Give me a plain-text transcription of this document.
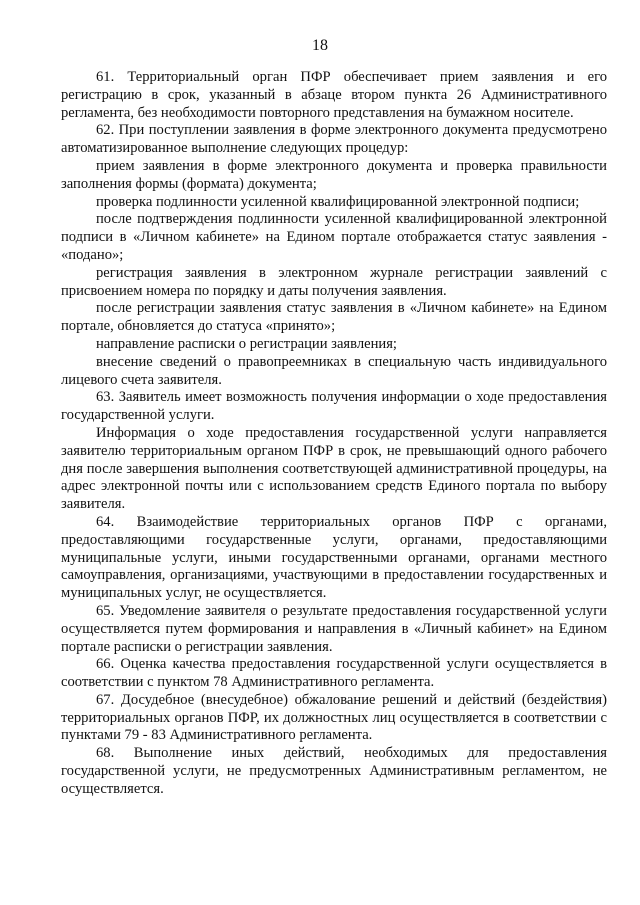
18

61. Территориальный орган ПФР обеспечивает прием заявления и его регистрацию в срок, указанный в абзаце втором пункта 26 Административного регламента, без необходимости повторного представления на бумажном носителе.

62. При поступлении заявления в форме электронного документа предусмотрено автоматизированное выполнение следующих процедур:

прием заявления в форме электронного документа и проверка правильности заполнения формы (формата) документа;

проверка подлинности усиленной квалифицированной электронной подписи;

после подтверждения подлинности усиленной квалифицированной электронной подписи в «Личном кабинете» на Едином портале отображается статус заявления - «подано»;

регистрация заявления в электронном журнале регистрации заявлений с присвоением номера по порядку и даты получения заявления.

после регистрации заявления статус заявления в «Личном кабинете» на Едином портале, обновляется до статуса «принято»;

направление расписки о регистрации заявления;

внесение сведений о правопреемниках в специальную часть индивидуального лицевого счета заявителя.

63. Заявитель имеет возможность получения информации о ходе предоставления государственной услуги.

Информация о ходе предоставления государственной услуги направляется заявителю территориальным органом ПФР в срок, не превышающий одного рабочего дня после завершения выполнения соответствующей административной процедуры, на адрес электронной почты или с использованием средств Единого портала по выбору заявителя.

64. Взаимодействие территориальных органов ПФР с органами, предоставляющими государственные услуги, органами, предоставляющими муниципальные услуги, иными государственными органами, органами местного самоуправления, организациями, участвующими в предоставлении государственных и муниципальных услуг, не осуществляется.

65. Уведомление заявителя о результате предоставления государственной услуги осуществляется путем формирования и направления в «Личный кабинет» на Едином портале расписки о регистрации заявления.

66. Оценка качества предоставления государственной услуги осуществляется в соответствии с пунктом 78 Административного регламента.

67. Досудебное (внесудебное) обжалование решений и действий (бездействия) территориальных органов ПФР, их должностных лиц осуществляется в соответствии с пунктами 79 - 83 Административного регламента.

68. Выполнение иных действий, необходимых для предоставления государственной услуги, не предусмотренных Административным регламентом, не осуществляется.
